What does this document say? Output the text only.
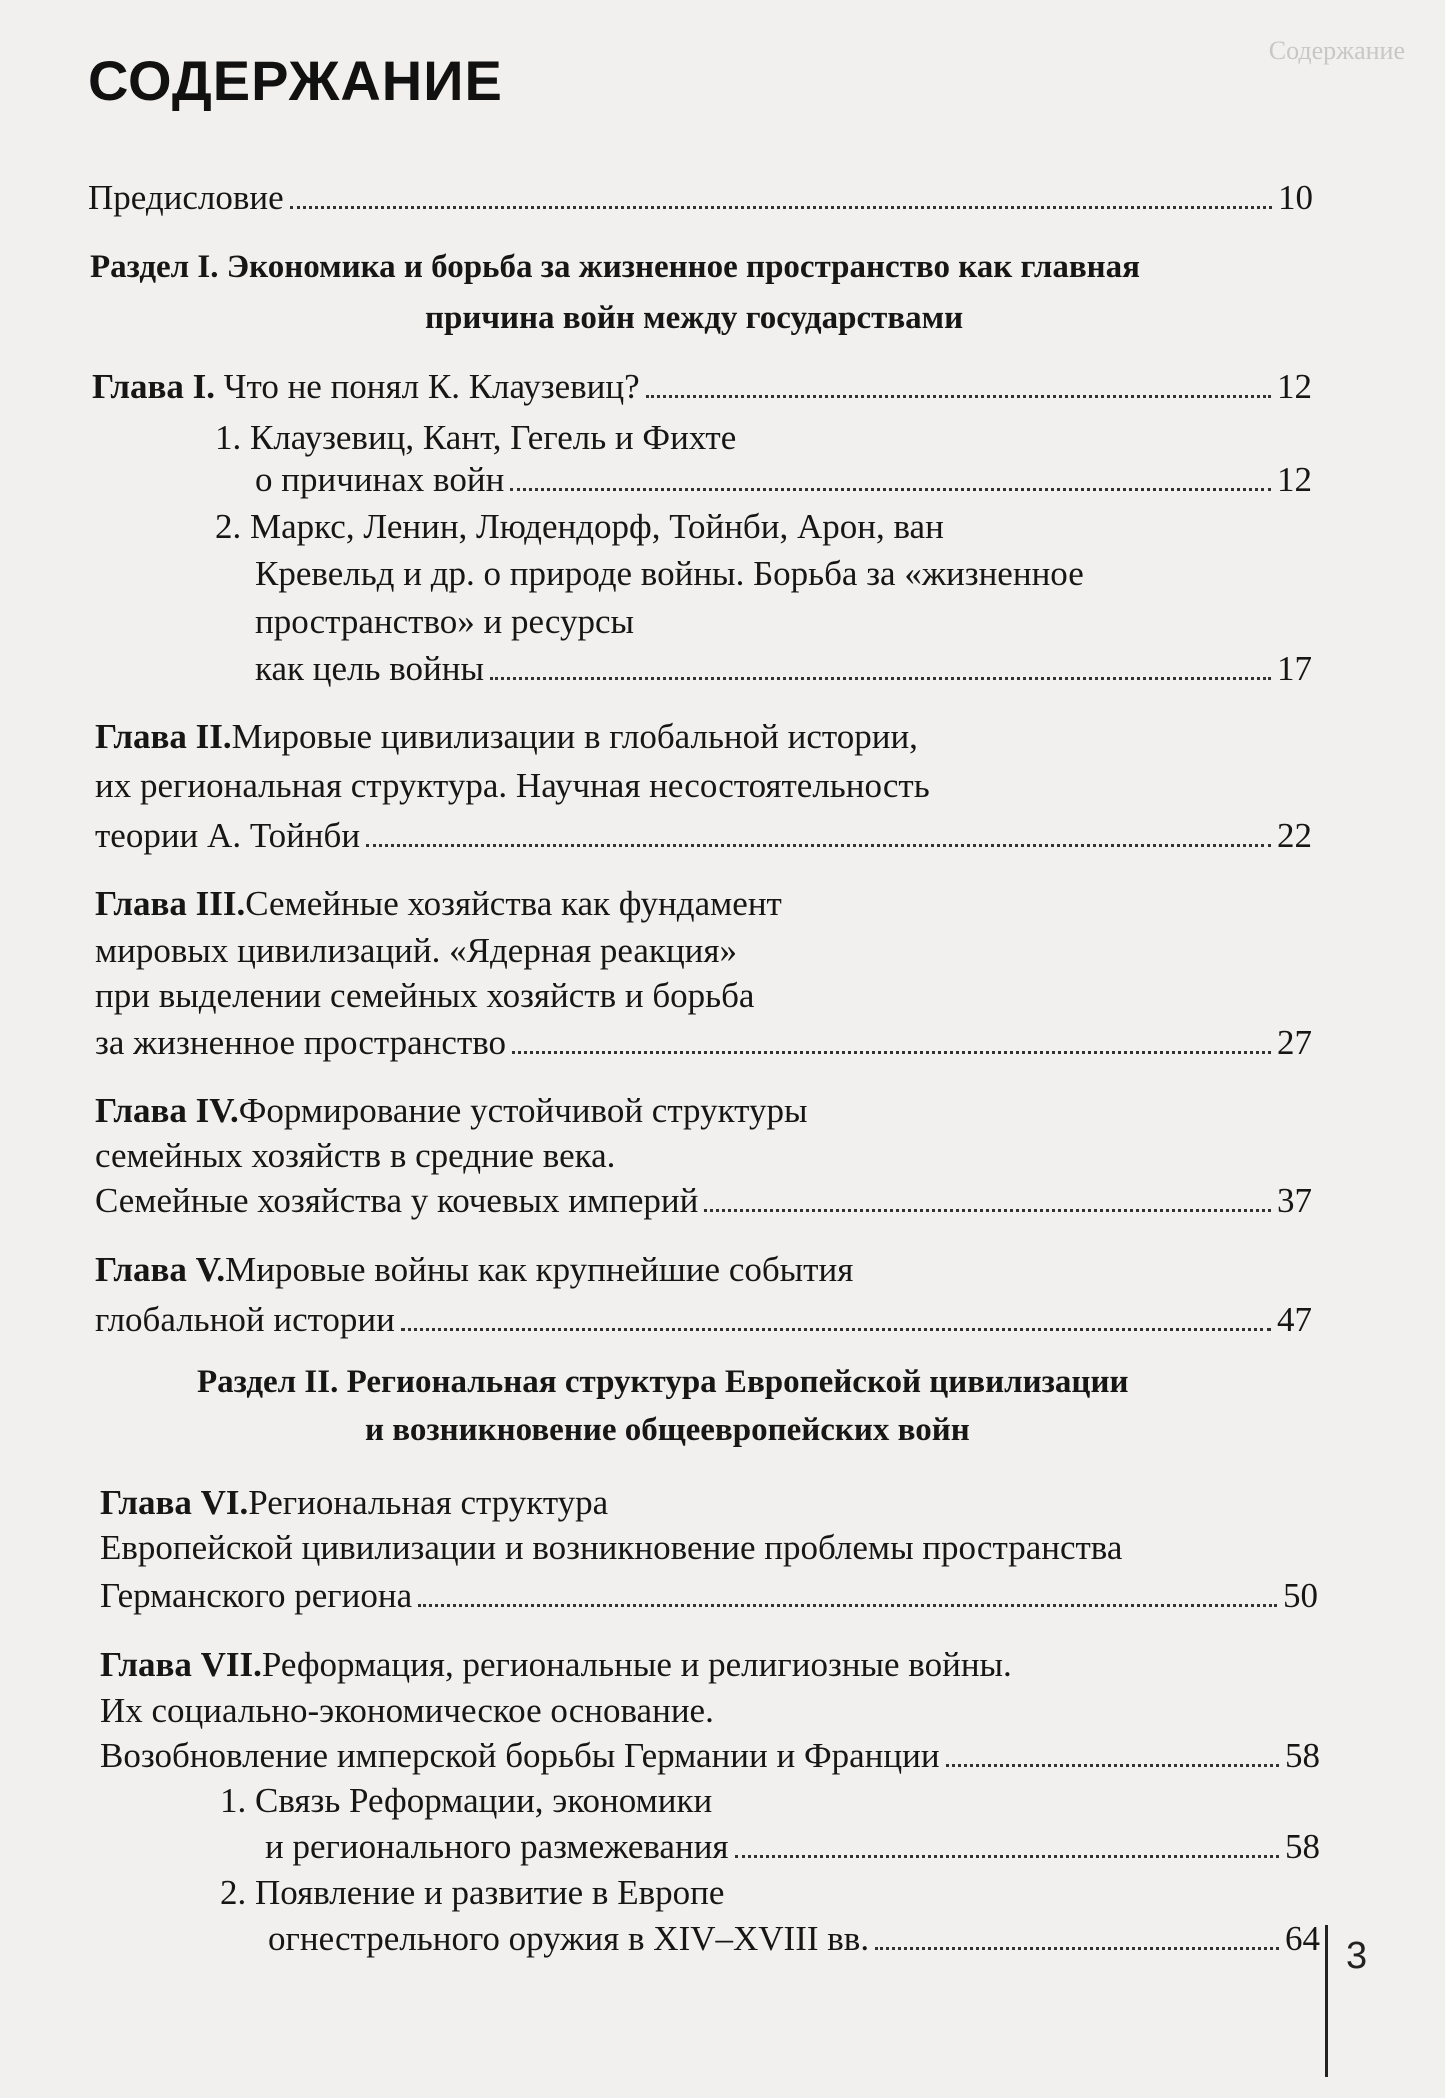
Содержание
СОДЕРЖАНИЕ
Предисловие	10
Раздел I. Экономика и борьба за жизненное пространство как главная
причина войн между государствами
Глава I. Что не понял К. Клаузевиц?	12
1. Клаузевиц, Кант, Гегель и Фихте
о причинах войн	12
2. Маркс, Ленин, Людендорф, Тойнби, Арон, ван
Кревельд и др. о природе войны. Борьба за «жизненное
пространство» и ресурсы
как цель войны	17
Глава II. Мировые цивилизации в глобальной истории,
их региональная структура. Научная несостоятельность
теории А. Тойнби	22
Глава III. Семейные хозяйства как фундамент
мировых цивилизаций. «Ядерная реакция»
при выделении семейных хозяйств и борьба
за жизненное пространство	27
Глава IV. Формирование устойчивой структуры
семейных хозяйств в средние века.
Семейные хозяйства у кочевых империй	37
Глава V. Мировые войны как крупнейшие события
глобальной истории	47
Раздел II. Региональная структура Европейской цивилизации
и возникновение общеевропейских войн
Глава VI. Региональная структура
Европейской цивилизации и возникновение проблемы пространства
Германского региона	50
Глава VII. Реформация, региональные и религиозные войны.
Их социально-экономическое основание.
Возобновление имперской борьбы Германии и Франции	58
1. Связь Реформации, экономики
и регионального размежевания	58
2. Появление и развитие в Европе
огнестрельного оружия в XIV–XVIII вв.	64 3
